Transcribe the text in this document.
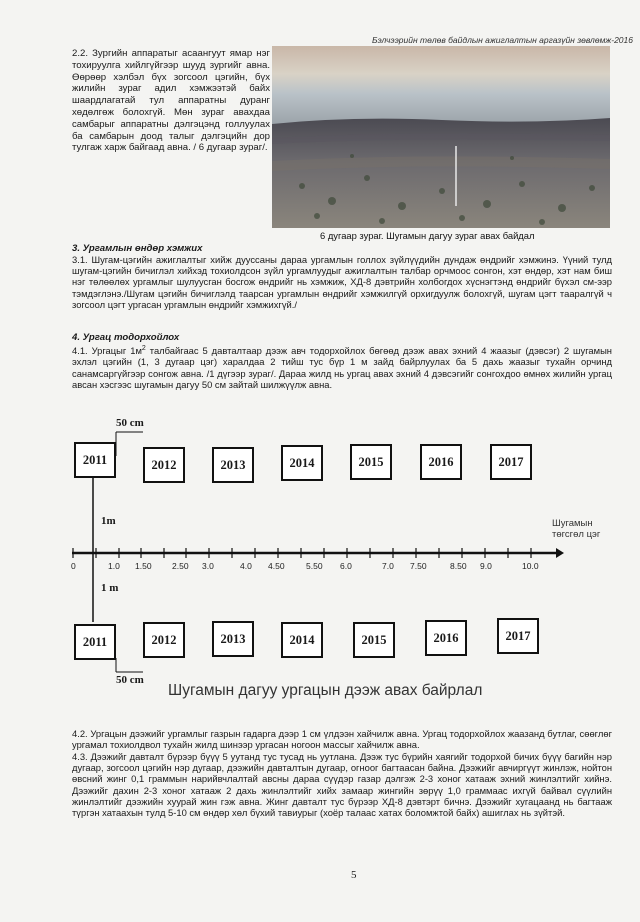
Бэлчээрийн төлөв байдлын ажиглалтын аргазүйн зөвлөмж-2016
2.2. Зургийн аппаратыг асаангуут ямар нэг тохируулга хийлгүйгээр шууд зургийг авна. Өөрөөр хэлбэл бүх зогсоол цэгийн, бүх жилийн зураг адил хэмжээтэй байх шаардлагатай тул аппаратны дуранг хөдөлгөж болохгүй. Мөн зураг авахдаа самбарыг аппаратны дэлгэцэнд голлуулах ба самбарын доод талыг дэлгэцийн дор тулгаж харж байгаад авна. / 6 дугаар зураг/.
6 дугаар зураг. Шугамын дагуу зураг авах байдал
3. Ургамлын өндөр хэмжих
3.1. Шугам-цэгийн ажиглалтыг хийж дууссаны дараа ургамлын голлох зүйлүүдийн дундаж өндрийг хэмжинэ. Үүний тулд шугам-цэгийн бичиглэл хийхэд тохиолдсон зүйл ургамлуудыг ажиглалтын талбар орчмоос сонгон, хэт өндөр, хэт нам биш нэг төлөөлөх ургамлыг шулуусган босгож өндрийг нь хэмжиж, ХД-8 дэвтрийн холбогдох хүснэгтэнд өндрийг бүхэл см-ээр тэмдэглэнэ./Шугам цэгийн бичиглэлд таарсан ургамлын өндрийг хэмжилгүй орхигдуулж болохгүй, шугам цэгт тааралгүй ч зогсоол цэгт ургасан ургамлын өндрийг хэмжихгүй./
4. Ургац тодорхойлох
4.1. Ургацыг $1м^2$ талбайгаас 5 давталтаар дээж авч тодорхойлох бөгөөд дээж авах эхний 4 жаазыг (дэвсэг) 2 шугамын эхлэл цэгийн (1, 3 дугаар цэг) харалдаа 2 тийш тус бүр 1 м зайд байрлуулах ба 5 дахь жаазыг тухайн орчинд санамсаргүйгээр сонгож авна. /1 дүгээр зураг/. Дараа жилд нь ургац авах эхний 4 дэвсэгийг сонгохдоо өмнөх жилийн ургац авсан хэсгээс шугамын дагуу 50 см зайтай шилжүүлж авна.
50 cm
2011	2012	2013	2014	2015	2016	2017
1m	Шугамын төгсгөл цэг
0	1.0 1.50 2.50 3.0	4.0 4.50	5.50 6.0	7.0 7.50	8.50 9.0	10.0
1 m
2011	2012	2013	2014	2015	2016	2017
50 cm
Шугамын дагуу ургацын дээж авах байрлал
4.2. Ургацын дээжийг ургамлыг газрын гадарга дээр 1 см үлдээн хайчилж авна. Ургац тодорхойлох жаазанд бутлаг, сөөглөг ургамал тохиолдвол тухайн жилд шинээр ургасан ногоон массыг хайчилж авна.
4.3. Дээжийг давталт бүрээр бүүү 5 уутанд тус тусад нь уутлана. Дээж тус бүрийн хаягийг тодорхой бичих бүүү багийн нэр дугаар, зогсоол цэгийн нэр дугаар, дээжийн давталтын дугаар, огноог багтаасан байна. Дээжийг авчиргүүт жинлэж, нойтон өвсний жинг 0,1 граммын нарийвчлалтай авсны дараа сүүдэр газар дэлгэж 2-3 хоног хатааж эхний жинлэлтийг хийнэ. Дээжийг дахин 2-3 хоног хатааж 2 дахь жинлэлтийг хийх замаар жингийн зөрүү 1,0 граммаас ихгүй байвал сүүлийн жинлэлтийг дээжийн хуурай жин гэж авна. Жинг давталт тус бүрээр ХД-8 дэвтэрт бичнэ. Дээжийг хугацаанд нь багтааж түргэн хатаахын тулд 5-10 см өндөр хөл бүхий тавиурыг (хоёр талаас хатах боломжтой байх) ашиглах нь зүйтэй.
5
